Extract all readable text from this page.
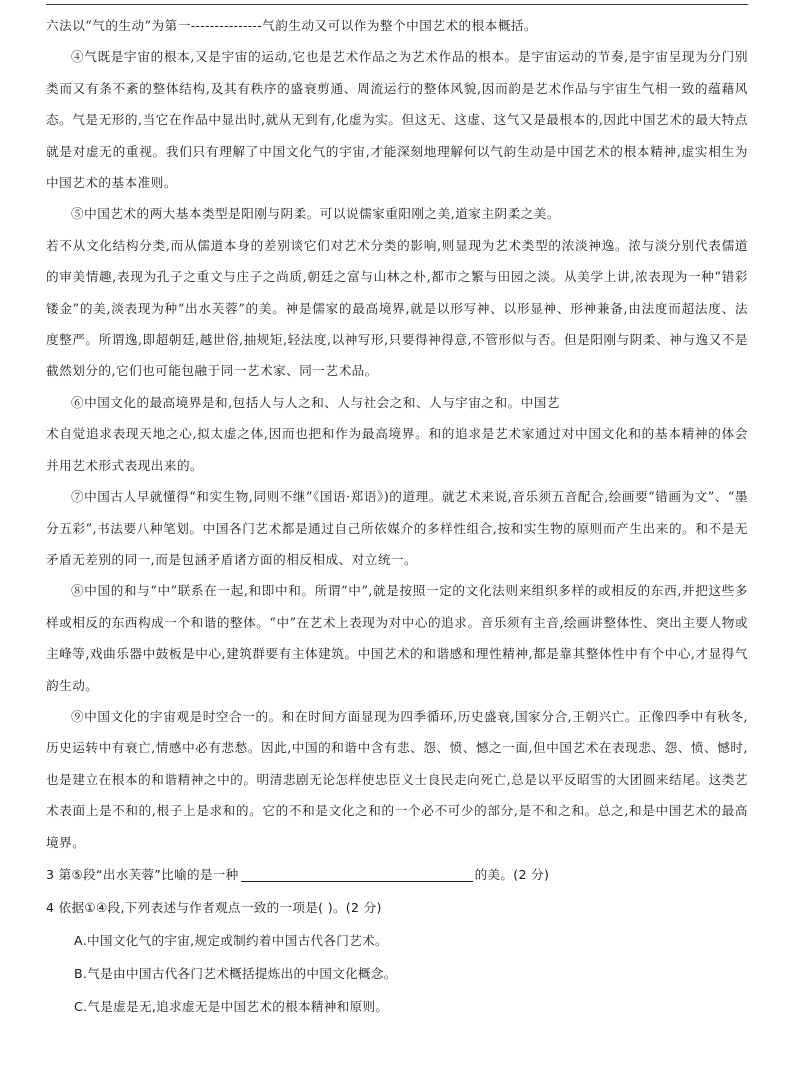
六法以“气的生动”为第一---------------气韵生动又可以作为整个中国艺术的根本概括。

④气既是宇宙的根本,又是宇宙的运动,它也是艺术作品之为艺术作品的根本。是宇宙运动的节奏,是宇宙呈现为分门别类而又有条不紊的整体结构,及其有秩序的盛衰剪通、周流运行的整体风貌,因而韵是艺术作品与宇宙生气相一致的蕴藉风态。气是无形的,当它在作品中显出时,就从无到有,化虚为实。但这无、这虚、这气又是最根本的,因此中国艺术的最大特点就是对虚无的重视。我们只有理解了中国文化气的宇宙,才能深刻地理解何以气韵生动是中国艺术的根本精神,虚实相生为中国艺术的基本准则。

⑤中国艺术的两大基本类型是阳刚与阴柔。可以说儒家重阳刚之美,道家主阴柔之美。

若不从文化结构分类,而从儒道本身的差别谈它们对艺术分类的影响,则显现为艺术类型的浓淡神逸。浓与淡分别代表儒道的审美情趣,表现为孔子之重文与庄子之尚质,朝廷之富与山林之朴,都市之繁与田园之淡。从美学上讲,浓表现为一种“错彩镂金”的美,淡表现为种“出水芙蓉”的美。神是儒家的最高境界,就是以形写神、以形显神、形神兼备,由法度而超法度、法度整严。所谓逸,即超朝廷,越世俗,抽规矩,轻法度,以神写形,只要得神得意,不管形似与否。但是阳刚与阴柔、神与逸又不是截然划分的,它们也可能包融于同一艺术家、同一艺术品。

⑥中国文化的最高境界是和,包括人与人之和、人与社会之和、人与宇宙之和。中国艺

术自觉追求表现天地之心,拟太虚之体,因而也把和作为最高境界。和的追求是艺术家通过对中国文化和的基本精神的体会并用艺术形式表现出来的。

⑦中国古人早就懂得“和实生物,同则不继”《国语·郑语》)的道理。就艺术来说,音乐须五音配合,绘画要“错画为文”、“墨分五彩”,书法要八种笔划。中国各门艺术都是通过自己所依媒介的多样性组合,按和实生物的原则而产生出来的。和不是无矛盾无差别的同一,而是包涵矛盾诸方面的相反相成、对立统一。

⑧中国的和与“中”联系在一起,和即中和。所谓“中”,就是按照一定的文化法则来组织多样的或相反的东西,并把这些多样或相反的东西构成一个和谐的整体。“中”在艺术上表现为对中心的追求。音乐须有主音,绘画讲整体性、突出主要人物或主峰等,戏曲乐器中鼓板是中心,建筑群要有主体建筑。中国艺术的和谐感和理性精神,都是靠其整体性中有个中心,才显得气韵生动。

⑨中国文化的宇宙观是时空合一的。和在时间方面显现为四季循环,历史盛衰,国家分合,王朝兴亡。正像四季中有秋冬,历史运转中有衰亡,情感中必有悲愁。因此,中国的和谐中含有悲、怨、愤、憾之一面,但中国艺术在表现悲、怨、愤、憾时,也是建立在根本的和谐精神之中的。明清悲剧无论怎样使忠臣义士良民走向死亡,总是以平反昭雪的大团圆来结尾。这类艺术表面上是不和的,根子上是求和的。它的不和是文化之和的一个必不可少的部分,是不和之和。总之,和是中国艺术的最高境界。

3 第⑤段“出水芙蓉”比喻的是一种	的美。(2 分)

4 依据①④段,下列表述与作者观点一致的一项是( )。(2 分)

A.中国文化气的宇宙,规定或制约着中国古代各门艺术。

B.气是由中国古代各门艺术概括提炼出的中国文化概念。

C.气是虚是无,追求虚无是中国艺术的根本精神和原则。
